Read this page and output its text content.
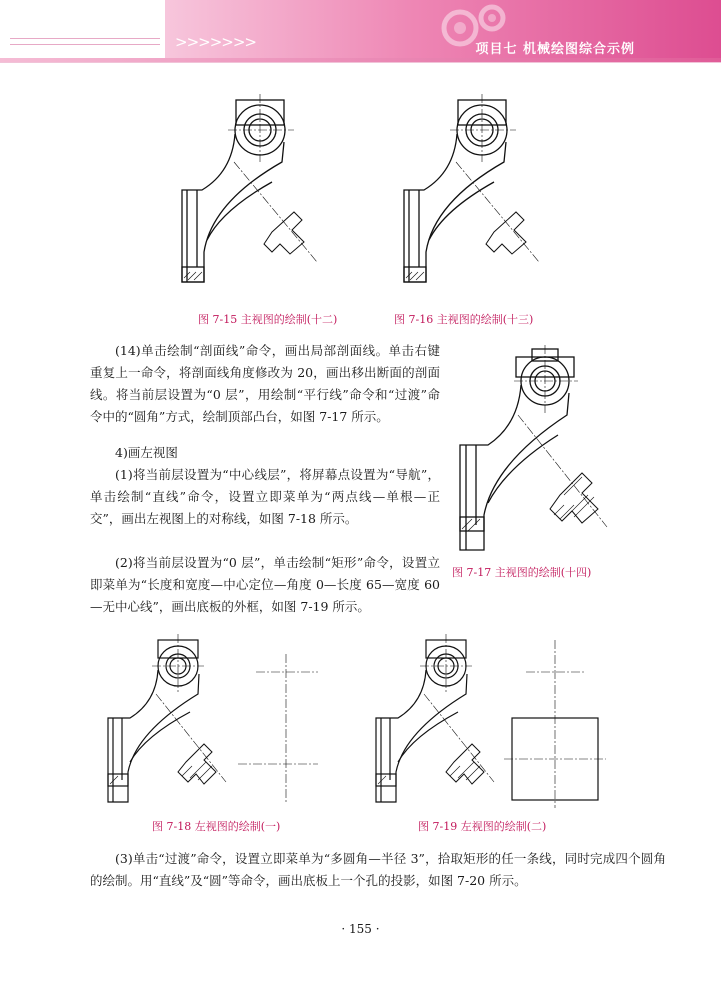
>>>>>>>	项目七 机械绘图综合示例
图 7-15 主视图的绘制(十二)	图 7-16 主视图的绘制(十三)
(14)单击绘制“剖面线”命令，画出局部剖面线。单击右键重复上一命令，将剖面线角度修改为 20，画出移出断面的剖面线。将当前层设置为“0 层”，用绘制“平行线”命令和“过渡”命令中的“圆角”方式，绘制顶部凸台，如图 7-17 所示。
图 7-17 主视图的绘制(十四)
4)画左视图
(1)将当前层设置为“中心线层”，将屏幕点设置为“导航”，单击绘制“直线”命令，设置立即菜单为“两点线—单根—正交”，画出左视图上的对称线，如图 7-18 所示。
(2)将当前层设置为“0 层”，单击绘制“矩形”命令，设置立即菜单为“长度和宽度—中心定位—角度 0—长度 65—宽度 60—无中心线”，画出底板的外框，如图 7-19 所示。
图 7-18 左视图的绘制(一)	图 7-19 左视图的绘制(二)
(3)单击“过渡”命令，设置立即菜单为“多圆角—半径 3”，拾取矩形的任一条线，同时完成四个圆角的绘制。用“直线”及“圆”等命令，画出底板上一个孔的投影，如图 7-20 所示。
· 155 ·
